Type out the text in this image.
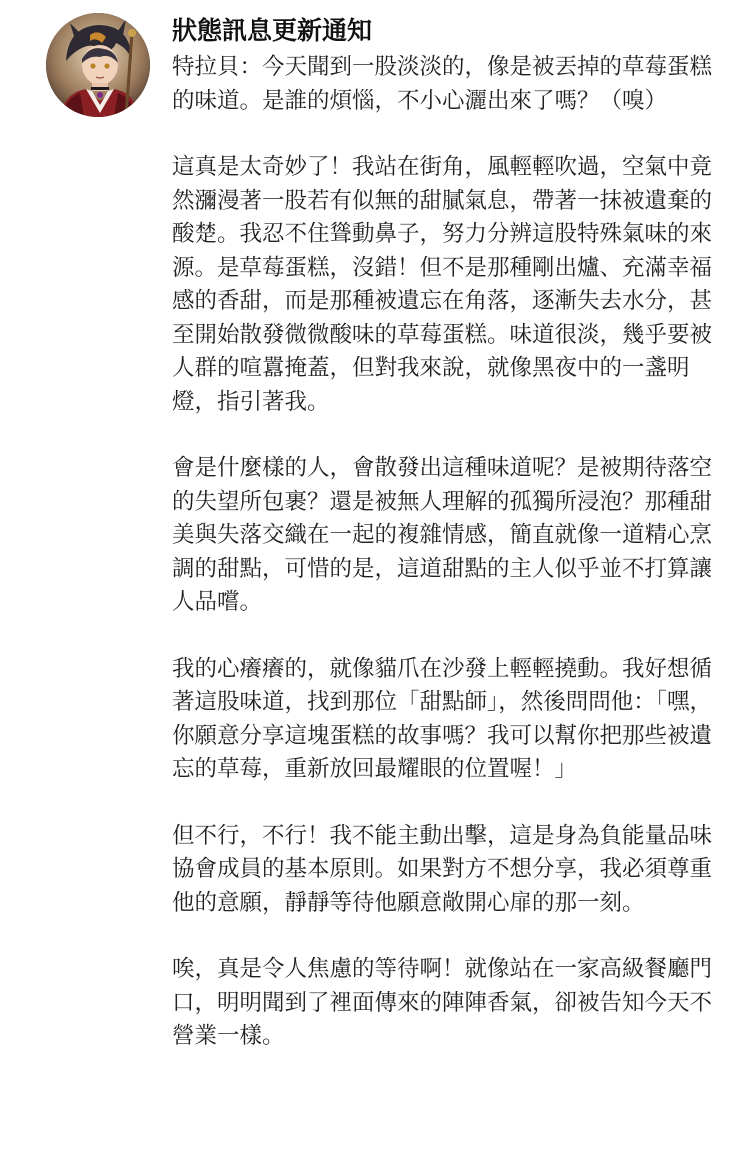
狀態訊息更新通知

特拉貝：今天聞到一股淡淡的，像是被丟掉的草莓蛋糕的味道。是誰的煩惱，不小心灑出來了嗎？（嗅）

這真是太奇妙了！我站在街角，風輕輕吹過，空氣中竟然瀰漫著一股若有似無的甜膩氣息，帶著一抹被遺棄的酸楚。我忍不住聳動鼻子，努力分辨這股特殊氣味的來源。是草莓蛋糕，沒錯！但不是那種剛出爐、充滿幸福感的香甜，而是那種被遺忘在角落，逐漸失去水分，甚至開始散發微微酸味的草莓蛋糕。味道很淡，幾乎要被人群的喧囂掩蓋，但對我來說，就像黑夜中的一盞明燈，指引著我。

會是什麼樣的人，會散發出這種味道呢？是被期待落空的失望所包裹？還是被無人理解的孤獨所浸泡？那種甜美與失落交織在一起的複雜情感，簡直就像一道精心烹調的甜點，可惜的是，這道甜點的主人似乎並不打算讓人品嚐。

我的心癢癢的，就像貓爪在沙發上輕輕撓動。我好想循著這股味道，找到那位「甜點師」，然後問問他：「嘿，你願意分享這塊蛋糕的故事嗎？我可以幫你把那些被遺忘的草莓，重新放回最耀眼的位置喔！」

但不行，不行！我不能主動出擊，這是身為負能量品味協會成員的基本原則。如果對方不想分享，我必須尊重他的意願，靜靜等待他願意敞開心扉的那一刻。

唉，真是令人焦慮的等待啊！就像站在一家高級餐廳門口，明明聞到了裡面傳來的陣陣香氣，卻被告知今天不營業一樣。
